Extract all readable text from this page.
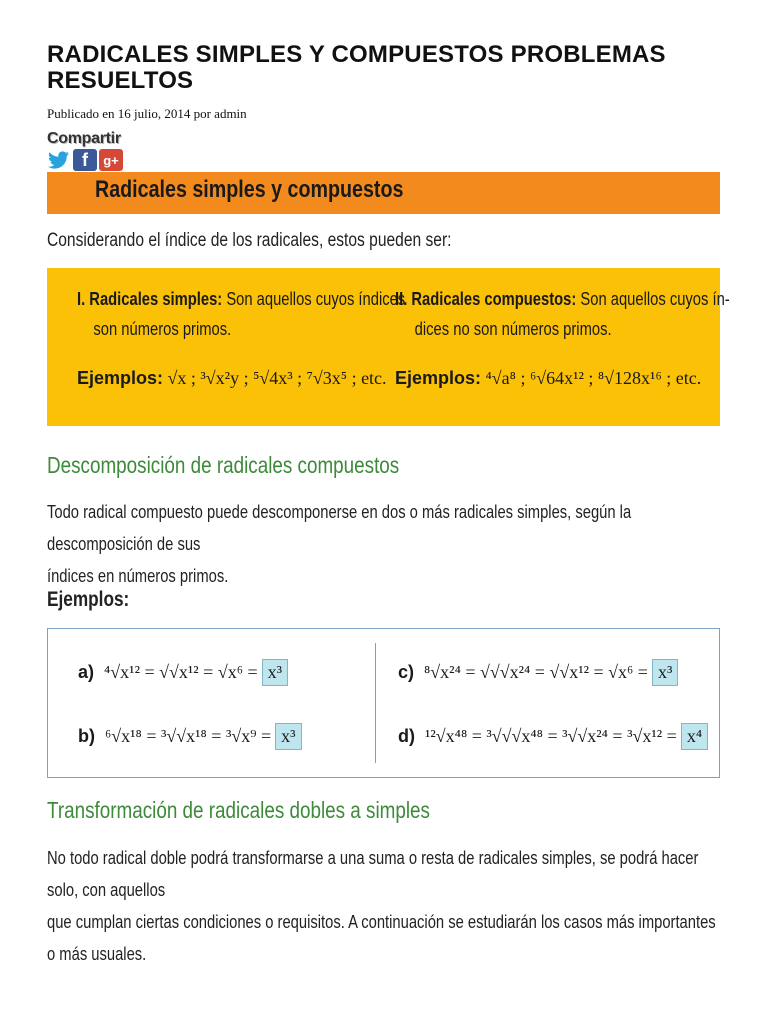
RADICALES SIMPLES Y COMPUESTOS PROBLEMAS RESUELTOS
Publicado en 16 julio, 2014 por admin
Compartir
f g+
Radicales simples y compuestos
Considerando el índice de los radicales, estos pueden ser:
I. Radicales simples: Son aquellos cuyos índices
son números primos.
II. Radicales compuestos: Son aquellos cuyos ín-
dices no son números primos.
Ejemplos: √x ; ³√x²y ; ⁵√4x³ ; ⁷√3x⁵ ; etc. Ejemplos: ⁴√a⁸ ; ⁶√64x¹² ; ⁸√128x¹⁶ ; etc.
Descomposición de radicales compuestos
Todo radical compuesto puede descomponerse en dos o más radicales simples, según la descomposición de sus
índices en números primos.
Ejemplos:
a) ⁴√x¹² = √√x¹² = √x⁶ = x³
b) ⁶√x¹⁸ = ³√√x¹⁸ = ³√x⁹ = x³
c) ⁸√x²⁴ = √√√x²⁴ = √√x¹² = √x⁶ = x³
d) ¹²√x⁴⁸ = ³√√√x⁴⁸ = ³√√x²⁴ = ³√x¹² = x⁴
Transformación de radicales dobles a simples
No todo radical doble podrá transformarse a una suma o resta de radicales simples, se podrá hacer solo, con aquellos
que cumplan ciertas condiciones o requisitos. A continuación se estudiarán los casos más importantes o más usuales.
